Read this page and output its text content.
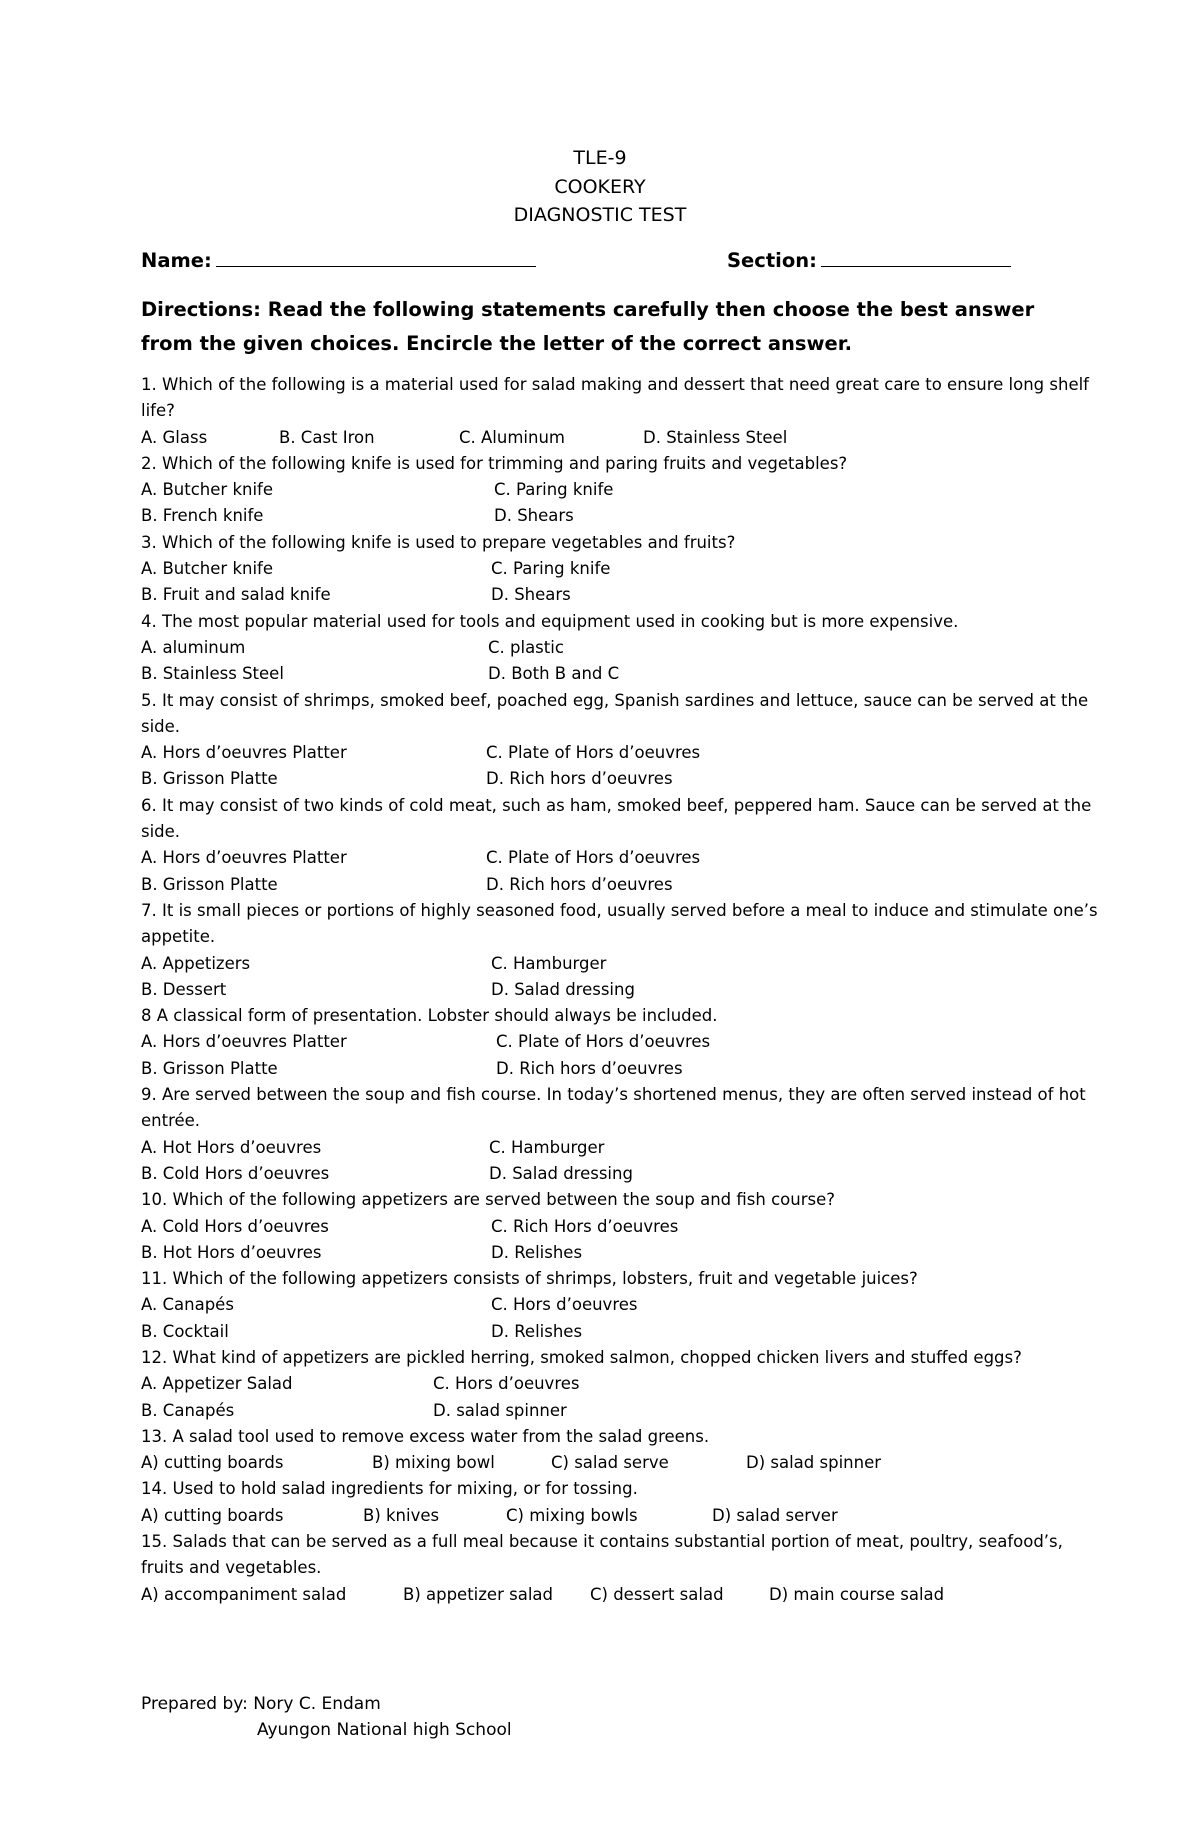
TLE-9
COOKERY
DIAGNOSTIC TEST
Name:	Section:
Directions: Read the following statements carefully then choose the best answer from the given choices. Encircle the letter of the correct answer.
1. Which of the following is a material used for salad making and dessert that need great care to ensure long shelf life?
A. Glass	B. Cast Iron	C. Aluminum	D. Stainless Steel
2. Which of the following knife is used for trimming and paring fruits and vegetables?
A. Butcher knife	C. Paring knife
B. French knife	D. Shears
3. Which of the following knife is used to prepare vegetables and fruits?
A. Butcher knife	C. Paring knife
B. Fruit and salad knife	D. Shears
4. The most popular material used for tools and equipment used in cooking but is more expensive.
A. aluminum	C. plastic
B. Stainless Steel	D. Both B and C
5. It may consist of shrimps, smoked beef, poached egg, Spanish sardines and lettuce, sauce can be served at the side.
A. Hors d’oeuvres Platter	C. Plate of Hors d’oeuvres
B. Grisson Platte	D. Rich hors d’oeuvres
6. It may consist of two kinds of cold meat, such as ham, smoked beef, peppered ham. Sauce can be served at the side.
A. Hors d’oeuvres Platter	C. Plate of Hors d’oeuvres
B. Grisson Platte	D. Rich hors d’oeuvres
7. It is small pieces or portions of highly seasoned food, usually served before a meal to induce and stimulate one’s appetite.
A. Appetizers	C. Hamburger
B. Dessert	D. Salad dressing
8 A classical form of presentation. Lobster should always be included.
A. Hors d’oeuvres Platter	C. Plate of Hors d’oeuvres
B. Grisson Platte	D. Rich hors d’oeuvres
9. Are served between the soup and fish course. In today’s shortened menus, they are often served instead of hot entrée.
A. Hot Hors d’oeuvres	C. Hamburger
B. Cold Hors d’oeuvres	D. Salad dressing
10. Which of the following appetizers are served between the soup and fish course?
A. Cold Hors d’oeuvres	C. Rich Hors d’oeuvres
B. Hot Hors d’oeuvres	D. Relishes
11. Which of the following appetizers consists of shrimps, lobsters, fruit and vegetable juices?
A. Canapés	C. Hors d’oeuvres
B. Cocktail	D. Relishes
12. What kind of appetizers are pickled herring, smoked salmon, chopped chicken livers and stuffed eggs?
A. Appetizer Salad	C. Hors d’oeuvres
B. Canapés	D. salad spinner
13. A salad tool used to remove excess water from the salad greens.
A) cutting boards	B) mixing bowl	C) salad serve	D) salad spinner
14. Used to hold salad ingredients for mixing, or for tossing.
A) cutting boards	B) knives	C) mixing bowls	D) salad server
15. Salads that can be served as a full meal because it contains substantial portion of meat, poultry, seafood’s, fruits and vegetables.
A) accompaniment salad	B) appetizer salad C) dessert salad	D) main course salad
Prepared by: Nory C. Endam
Ayungon National high School
